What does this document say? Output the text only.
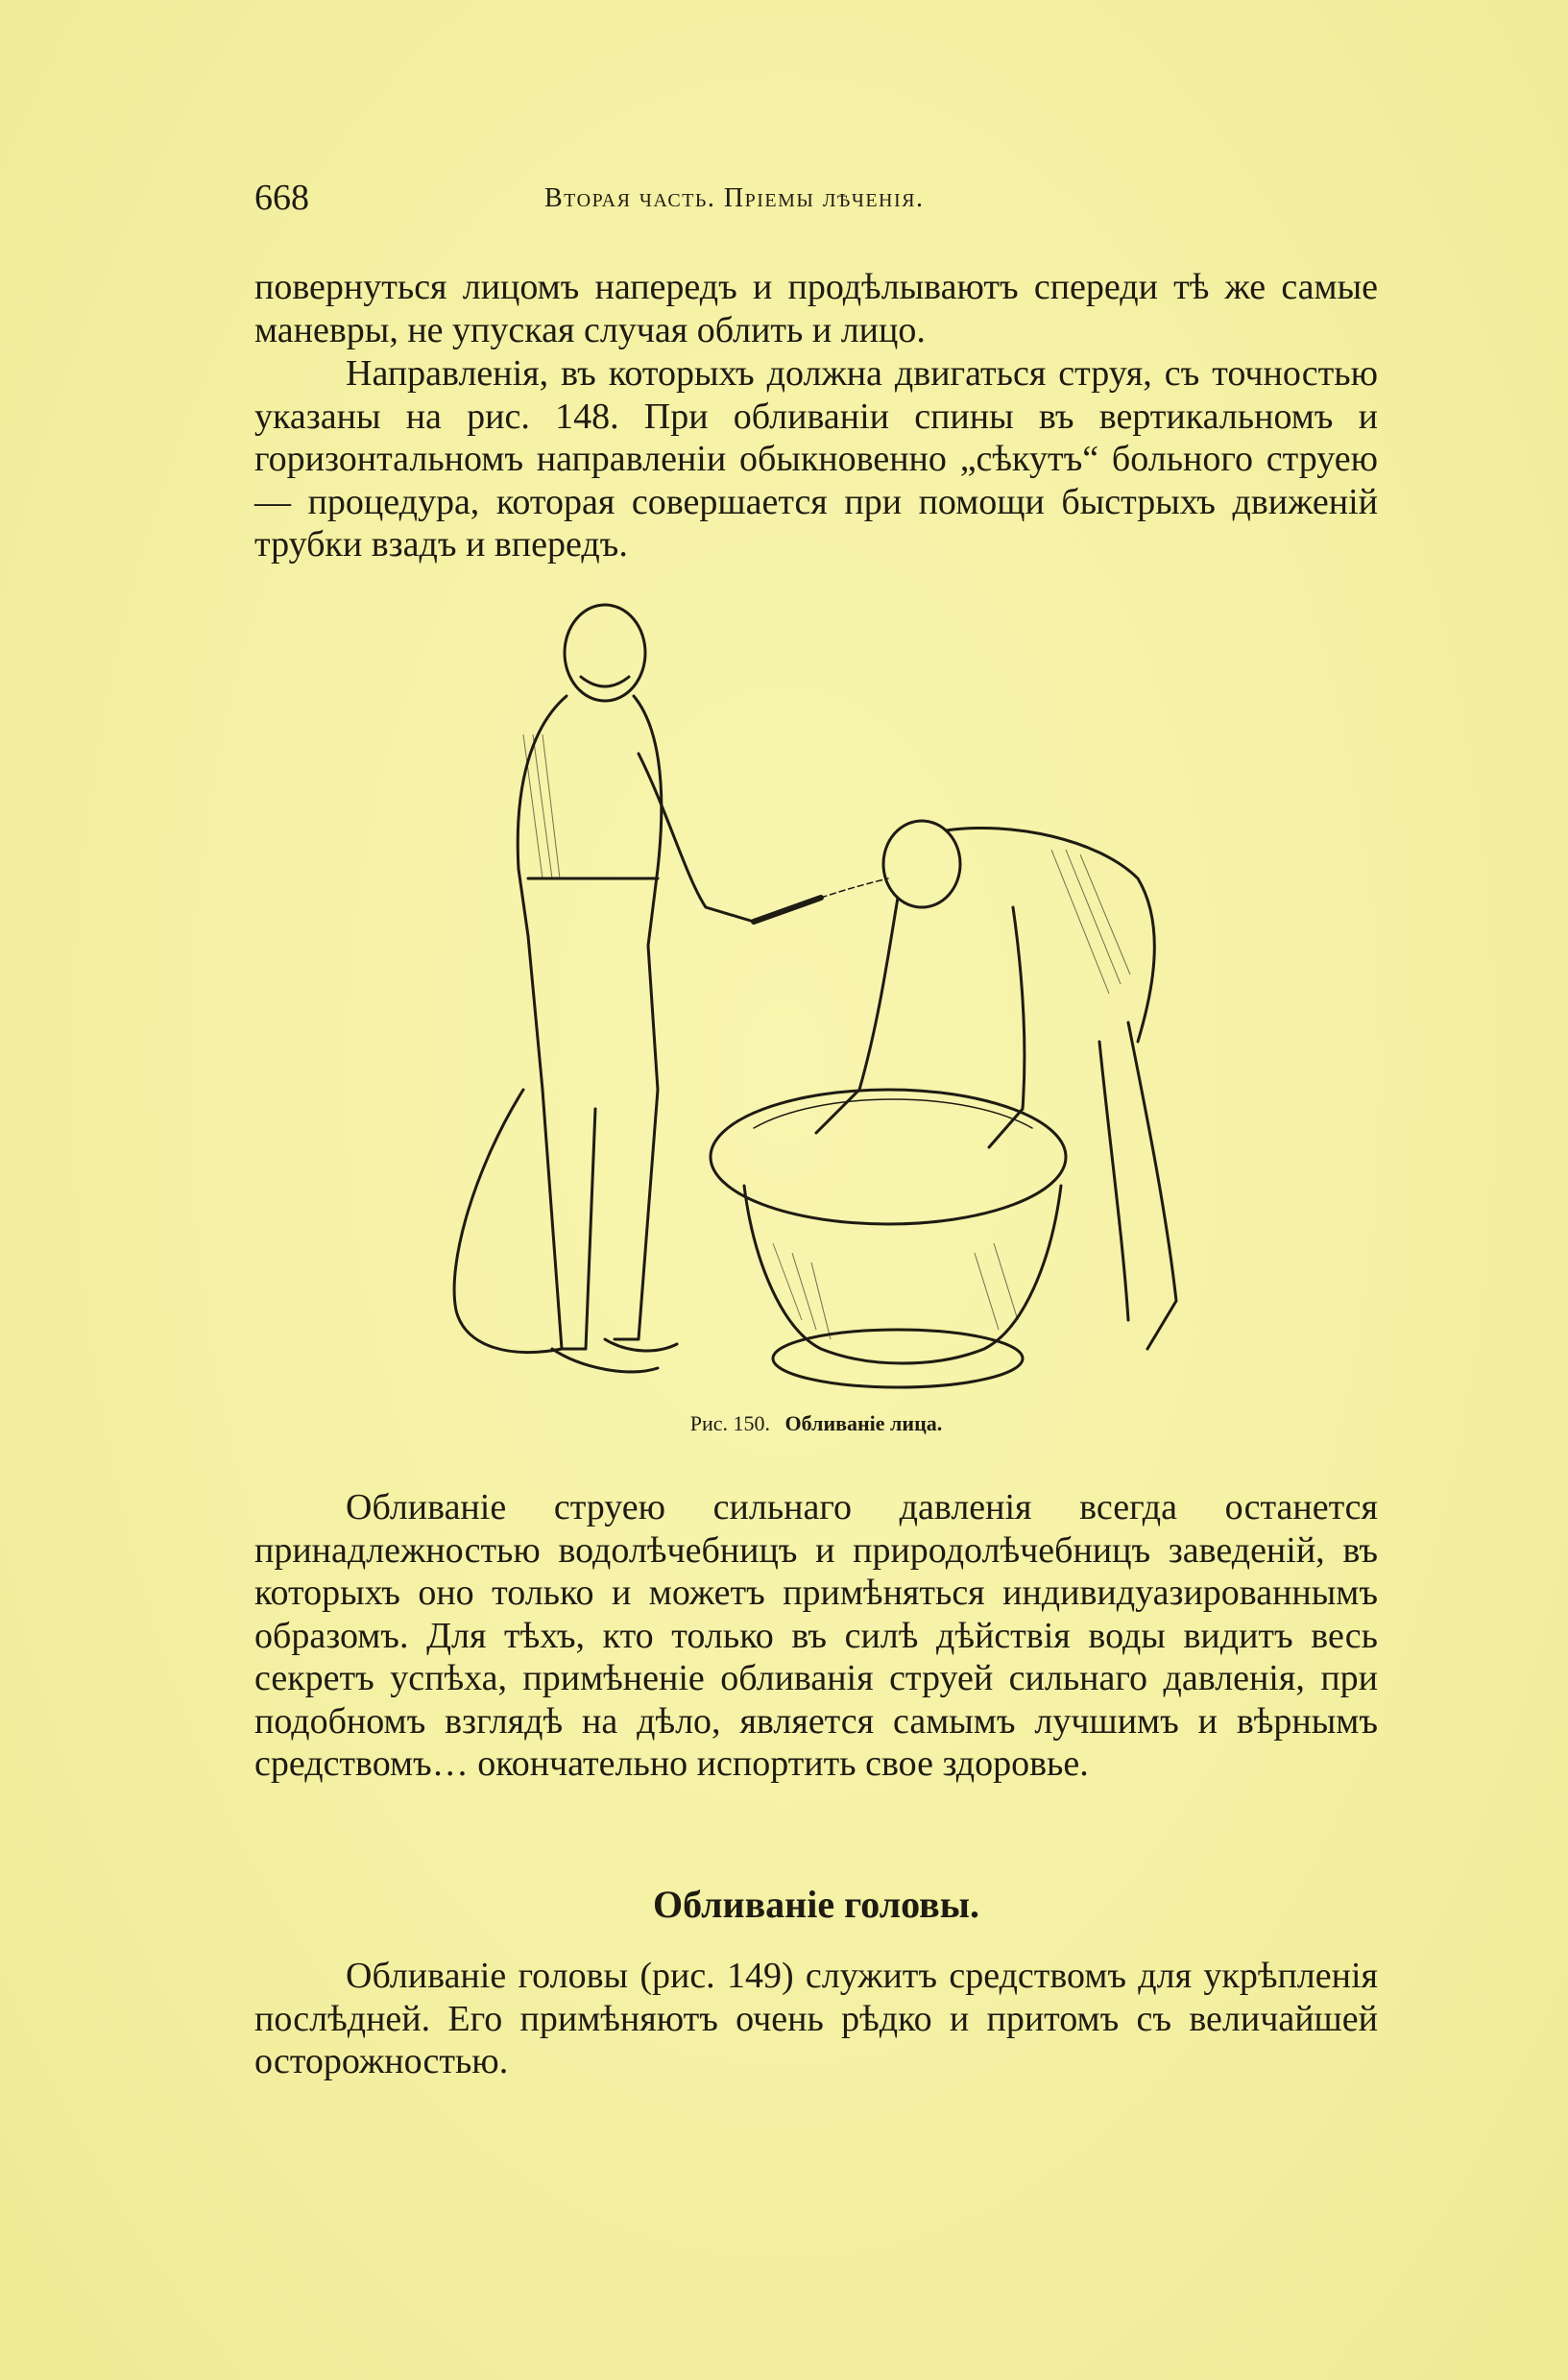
668	Вторая часть. Пріемы лѣченія.

повернуться лицомъ напередъ и продѣлываютъ спереди тѣ же самые маневры, не упуская случая облить и лицо.

Направленія, въ которыхъ должна двигаться струя, съ точностью указаны на рис. 148. При обливаніи спины въ вертикальномъ и горизонтальномъ направленіи обыкновенно „сѣкутъ“ больного струею — процедура, которая совершается при помощи быстрыхъ движеній трубки взадъ и впередъ.

Рис. 150. Обливаніе лица.

Обливаніе струею сильнаго давленія всегда останется принадлежностью водолѣчебницъ и природолѣчебницъ заведеній, въ которыхъ оно только и можетъ примѣняться индивидуазированнымъ образомъ. Для тѣхъ, кто только въ силѣ дѣйствія воды видитъ весь секретъ успѣха, примѣненіе обливанія струей сильнаго давленія, при подобномъ взглядѣ на дѣло, является самымъ лучшимъ и вѣрнымъ средствомъ… окончательно испортить свое здоровье.

Обливаніе головы.

Обливаніе головы (рис. 149) служитъ средствомъ для укрѣпленія послѣдней. Его примѣняютъ очень рѣдко и притомъ съ величайшей осторожностью.
